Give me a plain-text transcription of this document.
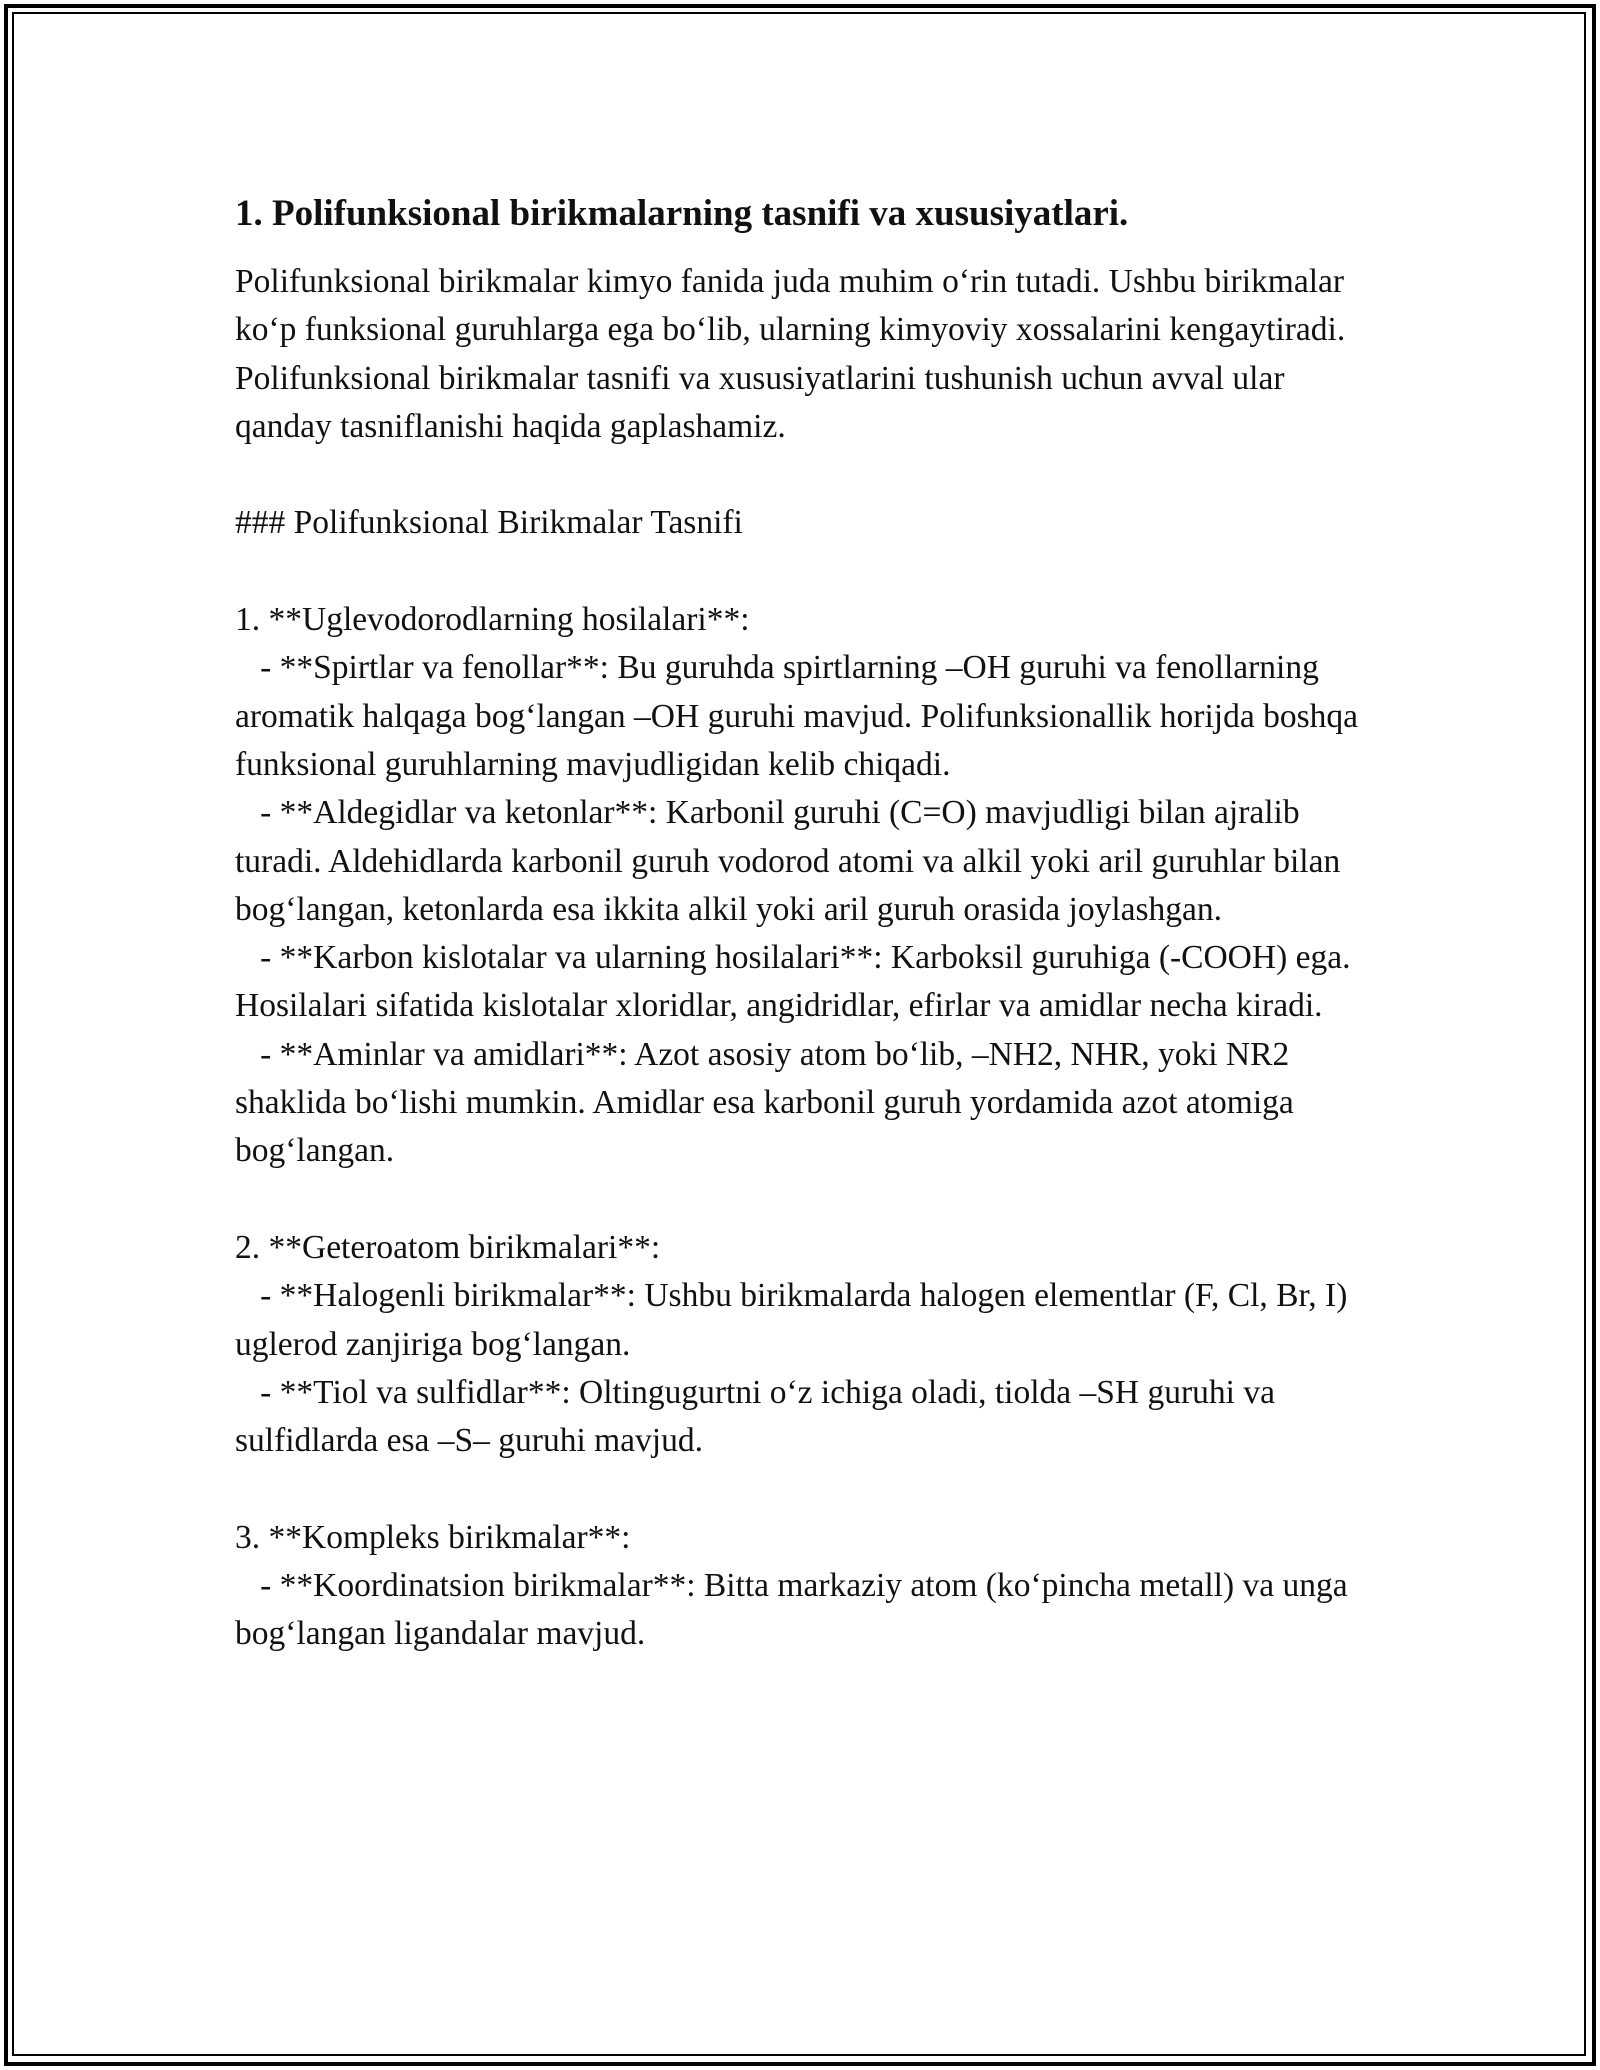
1. Polifunksional birikmalarning tasnifi va xususiyatlari.

Polifunksional birikmalar kimyo fanida juda muhim o‘rin tutadi. Ushbu birikmalar ko‘p funksional guruhlarga ega bo‘lib, ularning kimyoviy xossalarini kengaytiradi. Polifunksional birikmalar tasnifi va xususiyatlarini tushunish uchun avval ular qanday tasniflanishi haqida gaplashamiz.

### Polifunksional Birikmalar Tasnifi

1. **Uglevodorodlarning hosilalari**:

- **Spirtlar va fenollar**: Bu guruhda spirtlarning –OH guruhi va fenollarning aromatik halqaga bog‘langan –OH guruhi mavjud. Polifunksionallik horijda boshqa funksional guruhlarning mavjudligidan kelib chiqadi.

- **Aldegidlar va ketonlar**: Karbonil guruhi (C=O) mavjudligi bilan ajralib turadi. Aldehidlarda karbonil guruh vodorod atomi va alkil yoki aril guruhlar bilan bog‘langan, ketonlarda esa ikkita alkil yoki aril guruh orasida joylashgan.

- **Karbon kislotalar va ularning hosilalari**: Karboksil guruhiga (-COOH) ega. Hosilalari sifatida kislotalar xloridlar, angidridlar, efirlar va amidlar necha kiradi.

- **Aminlar va amidlari**: Azot asosiy atom bo‘lib, –NH2, NHR, yoki NR2 shaklida bo‘lishi mumkin. Amidlar esa karbonil guruh yordamida azot atomiga bog‘langan.

2. **Geteroatom birikmalari**:

- **Halogenli birikmalar**: Ushbu birikmalarda halogen elementlar (F, Cl, Br, I) uglerod zanjiriga bog‘langan.

- **Tiol va sulfidlar**: Oltingugurtni o‘z ichiga oladi, tiolda –SH guruhi va sulfidlarda esa –S– guruhi mavjud.

3. **Kompleks birikmalar**:

- **Koordinatsion birikmalar**: Bitta markaziy atom (ko‘pincha metall) va unga bog‘langan ligandalar mavjud.
